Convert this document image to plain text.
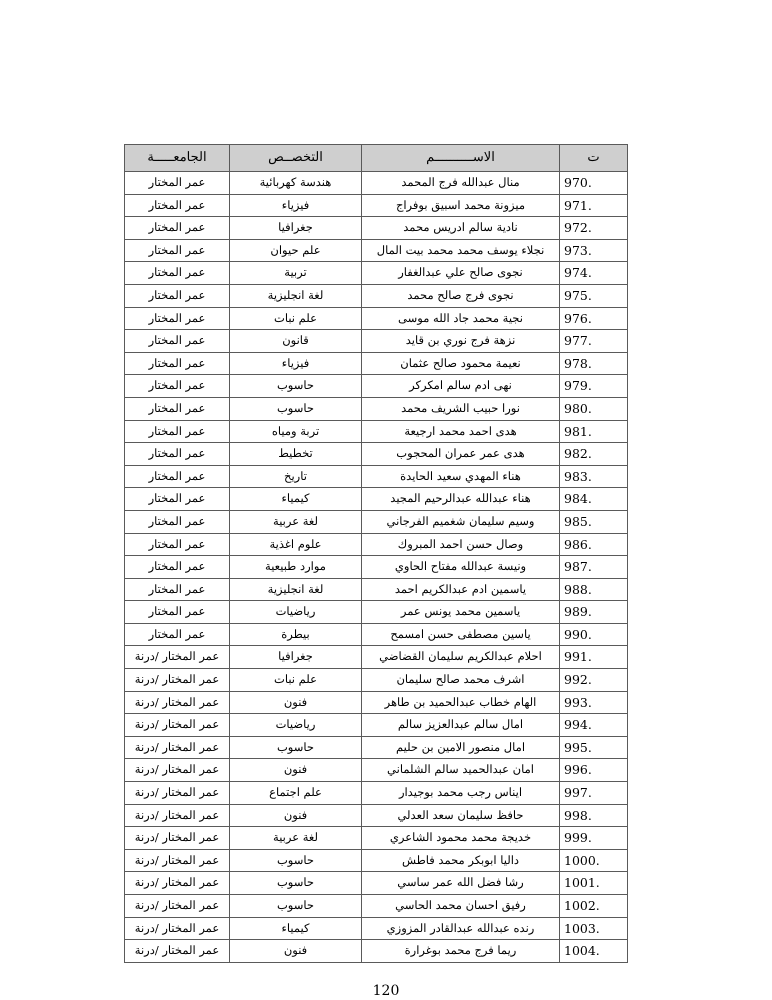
الجامعـــــة	التخصــص	الاســــــــــم	ت
عمر المختار	هندسة كهربائية	منال عبدالله فرج المحمد	970.
عمر المختار	فيزياء	ميزونة محمد اسبيق بوفراج	971.
عمر المختار	جغرافيا	نادية سالم ادريس محمد	972.
عمر المختار	علم حيوان	نجلاء يوسف محمد محمد بيت المال	973.
عمر المختار	تربية	نجوى صالح علي عبدالغفار	974.
عمر المختار	لغة انجليزية	نجوى فرج صالح محمد	975.
عمر المختار	علم نبات	نجية محمد جاد الله موسى	976.
عمر المختار	قانون	نزهة فرج نوري بن قايد	977.
عمر المختار	فيزياء	نعيمة محمود صالح عثمان	978.
عمر المختار	حاسوب	نهى ادم سالم امكركر	979.
عمر المختار	حاسوب	نورا حبيب الشريف محمد	980.
عمر المختار	تربة ومياه	هدى احمد محمد ارجيعة	981.
عمر المختار	تخطيط	هدى عمر عمران المحجوب	982.
عمر المختار	تاريخ	هناء المهدي سعيد الحايدة	983.
عمر المختار	كيمياء	هناء عبدالله عبدالرحيم المجيد	984.
عمر المختار	لغة عربية	وسيم سليمان شغميم الفرجاني	985.
عمر المختار	علوم اغذية	وصال حسن احمد المبروك	986.
عمر المختار	موارد طبيعية	ونيسة عبدالله مفتاح الحاوي	987.
عمر المختار	لغة انجليزية	ياسمين ادم عبدالكريم احمد	988.
عمر المختار	رياضيات	ياسمين محمد يونس عمر	989.
عمر المختار	بيطرة	ياسين مصطفى حسن امسمح	990.
عمر المختار /درنة	جغرافيا	احلام عبدالكريم سليمان القضاضي	991.
عمر المختار /درنة	علم نبات	اشرف محمد صالح سليمان	992.
عمر المختار /درنة	فنون	الهام خطاب عبدالحميد بن طاهر	993.
عمر المختار /درنة	رياضيات	امال سالم عبدالعزيز سالم	994.
عمر المختار /درنة	حاسوب	امال منصور الامين بن حليم	995.
عمر المختار /درنة	فنون	امان عبدالحميد سالم الشلماني	996.
عمر المختار /درنة	علم اجتماع	ايناس رجب محمد بوجيدار	997.
عمر المختار /درنة	فنون	حافظ سليمان سعد العدلي	998.
عمر المختار /درنة	لغة عربية	خديجة محمد محمود الشاعري	999.
عمر المختار /درنة	حاسوب	داليا ابوبكر محمد فاطش	1000.
عمر المختار /درنة	حاسوب	رشا فضل الله عمر ساسي	1001.
عمر المختار /درنة	حاسوب	رفيق احسان محمد الحاسي	1002.
عمر المختار /درنة	كيمياء	رنده عبدالله عبدالقادر المزوزي	1003.
عمر المختار /درنة	فنون	ريما فرج محمد بوغرارة	1004.
120
